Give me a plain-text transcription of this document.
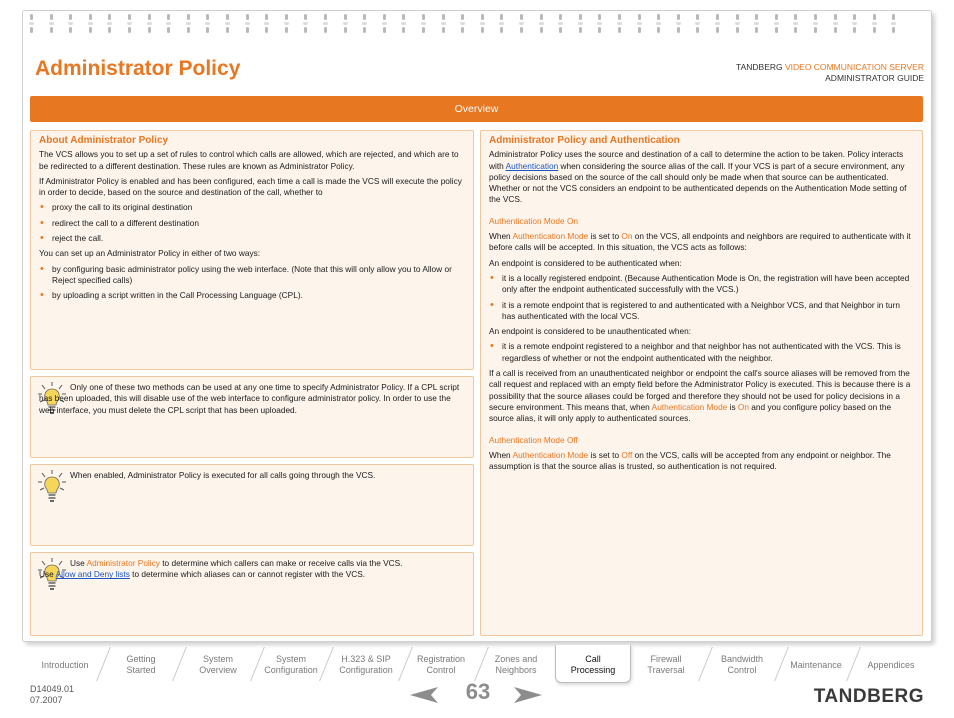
Administrator Policy	TANDBERG VIDEO COMMUNICATION SERVER
ADMINISTRATOR GUIDE
Overview
About Administrator Policy

The VCS allows you to set up a set of rules to control which calls are allowed, which are rejected, and which are to be redirected to a different destination. These rules are known as Administrator Policy.

If Administrator Policy is enabled and has been configured, each time a call is made the VCS will execute the policy in order to decide, based on the source and destination of the call, whether to

• proxy the call to its original destination
• redirect the call to a different destination
• reject the call.

You can set up an Administrator Policy in either of two ways:

• by configuring basic administrator policy using the web interface. (Note that this will only allow you to Allow or Reject specified calls)
• by uploading a script written in the Call Processing Language (CPL).
Only one of these two methods can be used at any one time to specify Administrator Policy. If a CPL script has been uploaded, this will disable use of the web interface to configure administrator policy. In order to use the web interface, you must delete the CPL script that has been uploaded.
When enabled, Administrator Policy is executed for all calls going through the VCS.
Use Administrator Policy to determine which callers can make or receive calls via the VCS.
Use Allow and Deny lists to determine which aliases can or cannot register with the VCS.
Administrator Policy and Authentication

Administrator Policy uses the source and destination of a call to determine the action to be taken. Policy interacts with Authentication when considering the source alias of the call. If your VCS is part of a secure environment, any policy decisions based on the source of the call should only be made when that source can be authenticated. Whether or not the VCS considers an endpoint to be authenticated depends on the Authentication Mode setting of the VCS.

Authentication Mode On

When Authentication Mode is set to On on the VCS, all endpoints and neighbors are required to authenticate with it before calls will be accepted. In this situation, the VCS acts as follows:

An endpoint is considered to be authenticated when:

• it is a locally registered endpoint. (Because Authentication Mode is On, the registration will have been accepted only after the endpoint authenticated successfully with the VCS.)
• it is a remote endpoint that is registered to and authenticated with a Neighbor VCS, and that Neighbor in turn has authenticated with the local VCS.

An endpoint is considered to be unauthenticated when:

• it is a remote endpoint registered to a neighbor and that neighbor has not authenticated with the VCS. This is regardless of whether or not the endpoint authenticated with the neighbor.

If a call is received from an unauthenticated neighbor or endpoint the call's source aliases will be removed from the call request and replaced with an empty field before the Administrator Policy is executed. This is because there is a possibility that the source aliases could be forged and therefore they should not be used for policy decisions in a secure environment. This means that, when Authentication Mode is On and you configure policy based on the source alias, it will only apply to authenticated sources.

Authentication Mode Off

When Authentication Mode is set to Off on the VCS, calls will be accepted from any endpoint or neighbor. The assumption is that the source alias is trusted, so authentication is not required.

Introduction

Getting
Started
System
Overview
System
Configuration
H.323 & SIP
Configuration
Registration
Control
Zones and
Neighbors
Call
Processing
Firewall
Traversal
Bandwidth
Control
Maintenance	Appendices

D14049.01
07.2007	63	TANDBERG
